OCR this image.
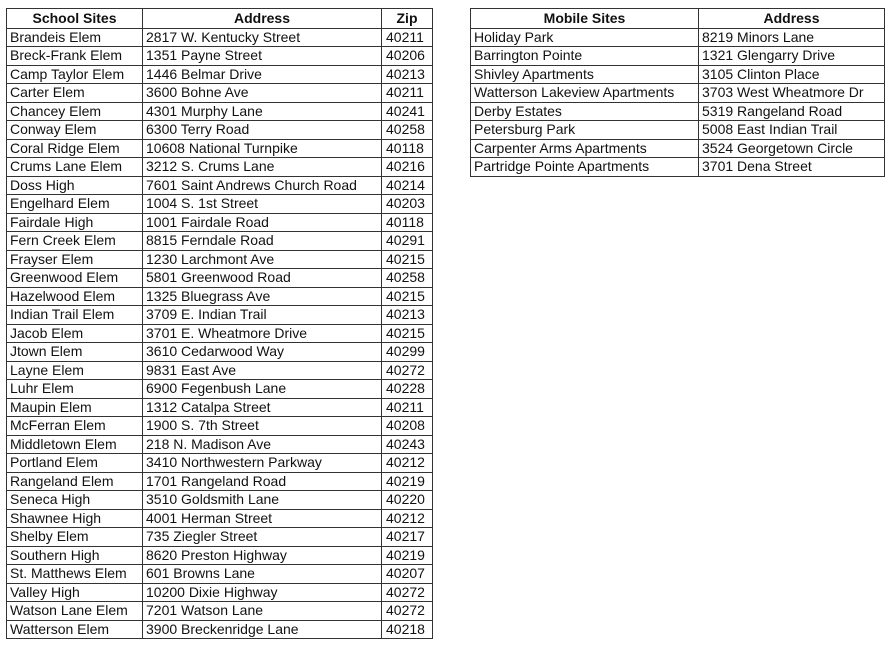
School Sites	Address	Zip
Brandeis Elem	2817 W. Kentucky Street	40211
Breck-Frank Elem	1351 Payne Street	40206
Camp Taylor Elem	1446 Belmar Drive	40213
Carter Elem	3600 Bohne Ave	40211
Chancey Elem	4301 Murphy Lane	40241
Conway Elem	6300 Terry Road	40258
Coral Ridge Elem	10608 National Turnpike	40118
Crums Lane Elem	3212 S. Crums Lane	40216
Doss High	7601 Saint Andrews Church Road	40214
Engelhard Elem	1004 S. 1st Street	40203
Fairdale High	1001 Fairdale Road	40118
Fern Creek Elem	8815 Ferndale Road	40291
Frayser Elem	1230 Larchmont Ave	40215
Greenwood Elem	5801 Greenwood Road	40258
Hazelwood Elem	1325 Bluegrass Ave	40215
Indian Trail Elem	3709 E. Indian Trail	40213
Jacob Elem	3701 E. Wheatmore Drive	40215
Jtown Elem	3610 Cedarwood Way	40299
Layne Elem	9831 East Ave	40272
Luhr Elem	6900 Fegenbush Lane	40228
Maupin Elem	1312 Catalpa Street	40211
McFerran Elem	1900 S. 7th Street	40208
Middletown Elem	218 N. Madison Ave	40243
Portland Elem	3410 Northwestern Parkway	40212
Rangeland Elem	1701 Rangeland Road	40219
Seneca High	3510 Goldsmith Lane	40220
Shawnee High	4001 Herman Street	40212
Shelby Elem	735 Ziegler Street	40217
Southern High	8620 Preston Highway	40219
St. Matthews Elem	601 Browns Lane	40207
Valley High	10200 Dixie Highway	40272
Watson Lane Elem	7201 Watson Lane	40272
Watterson Elem	3900 Breckenridge Lane	40218
Mobile Sites	Address
Holiday Park	8219 Minors Lane
Barrington Pointe	1321 Glengarry Drive
Shivley Apartments	3105 Clinton Place
Watterson Lakeview Apartments	3703 West Wheatmore Dr
Derby Estates	5319 Rangeland Road
Petersburg Park	5008 East Indian Trail
Carpenter Arms Apartments	3524 Georgetown Circle
Partridge Pointe Apartments	3701 Dena Street
